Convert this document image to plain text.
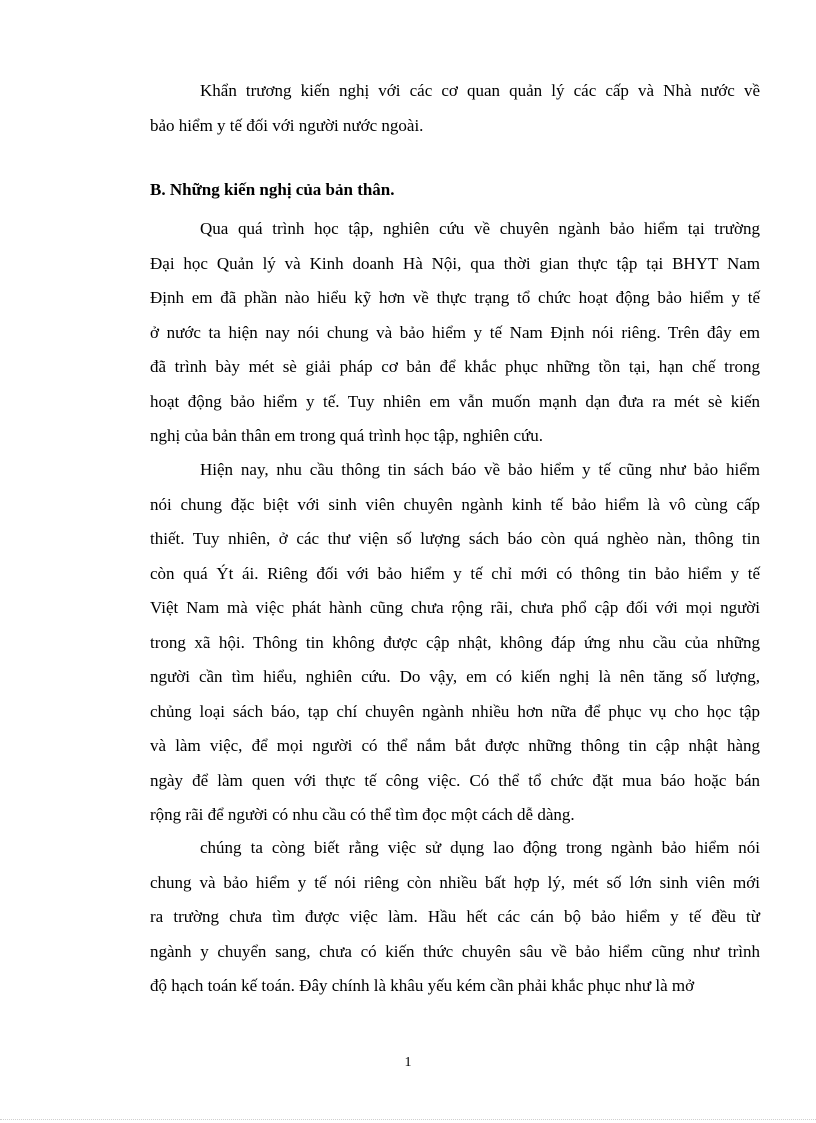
Khẩn trương kiến nghị với các cơ quan quản lý các cấp và Nhà nước về
bảo hiểm y tế đối với người nước ngoài.
B. Những kiến nghị của bản thân.
Qua quá trình học tập, nghiên cứu về chuyên ngành bảo hiểm tại trường
Đại học Quản lý và Kinh doanh Hà Nội, qua thời gian thực tập tại BHYT Nam
Định em đã phần nào hiểu kỹ hơn về thực trạng tổ chức hoạt động bảo hiểm y tế
ở nước ta hiện nay nói chung và bảo hiểm y tế Nam Định nói riêng. Trên đây em
đã trình bày mét sè giải pháp cơ bản để khắc phục những tồn tại, hạn chế trong
hoạt động bảo hiểm y tế. Tuy nhiên em vẫn muốn mạnh dạn đưa ra mét sè kiến
nghị của bản thân em trong quá trình học tập, nghiên cứu.
Hiện nay, nhu cầu thông tin sách báo về bảo hiểm y tế cũng như bảo hiểm
nói chung đặc biệt với sinh viên chuyên ngành kinh tế bảo hiểm là vô cùng cấp
thiết. Tuy nhiên, ở các thư viện số lượng sách báo còn quá nghèo nàn, thông tin
còn quá Ýt ái. Riêng đối với bảo hiểm y tế chỉ mới có thông tin bảo hiểm y tế
Việt Nam mà việc phát hành cũng chưa rộng rãi, chưa phổ cập đối với mọi người
trong xã hội. Thông tin không được cập nhật, không đáp ứng nhu cầu của những
người cần tìm hiểu, nghiên cứu. Do vậy, em có kiến nghị là nên tăng số lượng,
chủng loại sách báo, tạp chí chuyên ngành nhiều hơn nữa để phục vụ cho học tập
và làm việc, để mọi người có thể nắm bắt được những thông tin cập nhật hàng
ngày để làm quen với thực tế công việc. Có thể tổ chức đặt mua báo hoặc bán
rộng rãi để người có nhu cầu có thể tìm đọc một cách dễ dàng.
chúng ta còng biết rằng việc sử dụng lao động trong ngành bảo hiểm nói
chung và bảo hiểm y tế nói riêng còn nhiều bất hợp lý, mét số lớn sinh viên mới
ra trường chưa tìm được việc làm. Hầu hết các cán bộ bảo hiểm y tế đều từ
ngành y chuyển sang, chưa có kiến thức chuyên sâu về bảo hiểm cũng như trình
độ hạch toán kế toán. Đây chính là khâu yếu kém cần phải khắc phục như là mở
1
